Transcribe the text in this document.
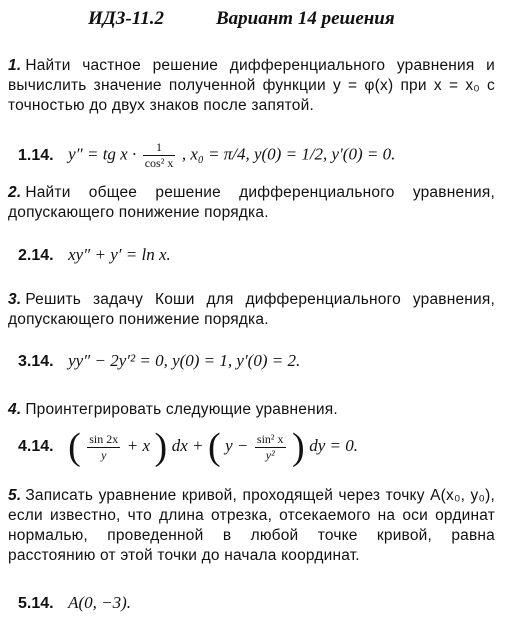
ИДЗ-11.2	Вариант 14 решения
1. Найти частное решение дифференциального уравнения и вычислить значение полученной функции y = φ(x) при x = x₀ с точностью до двух знаков после запятой.
1.14. y″ = tg $x \cdot \frac{1}{\text{cos² x}}$ , x₀ = π/4, y(0) = 1/2, y′(0) = 0.
2. Найти общее решение дифференциального уравнения, допускающего понижение порядка.
2.14. xy″ + y′ = ln x.
3. Решить задачу Коши для дифференциального уравнения, допускающего понижение порядка.
3.14. yy″ − 2y′² = 0, y(0) = 1, y′(0) = 2.
4. Проинтегрировать следующие уравнения.
4.14. ( $\frac{\sin 2x}{y} + x$ ) dx + ( $y - \frac{\text{sin² x}}{\text{y²}}$ ) dy = 0.
5. Записать уравнение кривой, проходящей через точку A(x₀, y₀), если известно, что длина отрезка, отсекаемого на оси ординат нормалью, проведенной в любой точке кривой, равна расстоянию от этой точки до начала координат.
5.14. A(0, −3).
